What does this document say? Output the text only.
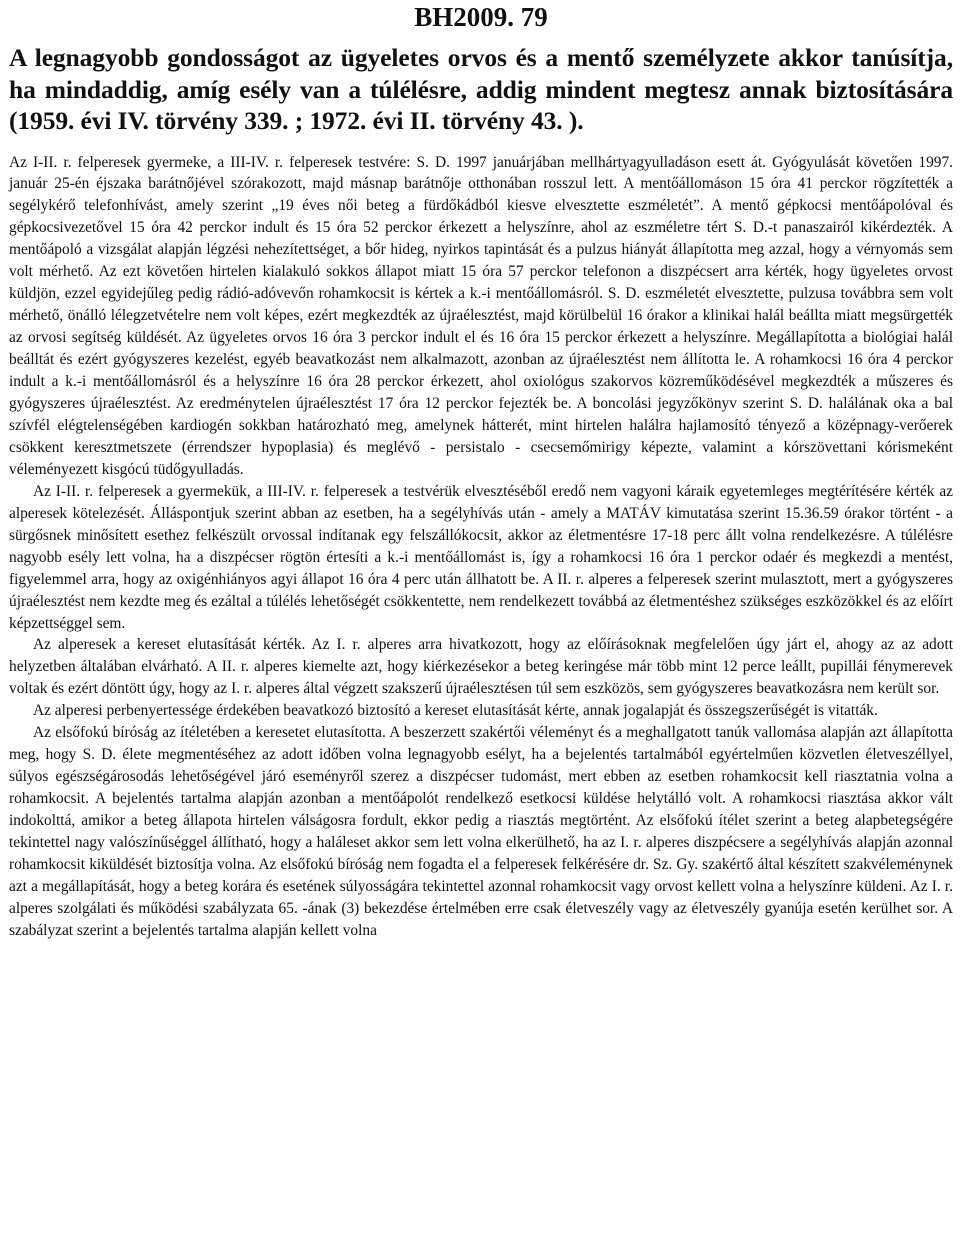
BH2009. 79
A legnagyobb gondosságot az ügyeletes orvos és a mentő személyzete akkor tanúsítja, ha mindaddig, amíg esély van a túlélésre, addig mindent megtesz annak biztosítására (1959. évi IV. törvény 339. ; 1972. évi II. törvény 43. ).

Az I-II. r. felperesek gyermeke, a III-IV. r. felperesek testvére: S. D. 1997 januárjában mellhártyagyulladáson esett át. Gyógyulását követően 1997. január 25-én éjszaka barátnőjével szórakozott, majd másnap barátnője otthonában rosszul lett. A mentőállomáson 15 óra 41 perckor rögzítették a segélykérő telefonhívást, amely szerint „19 éves női beteg a fürdőkádból kiesve elvesztette eszméletét”. A mentő gépkocsi mentőápolóval és gépkocsivezetővel 15 óra 42 perckor indult és 15 óra 52 perckor érkezett a helyszínre, ahol az eszméletre tért S. D.-t panaszairól kikérdezték. A mentőápoló a vizsgálat alapján légzési nehezítettséget, a bőr hideg, nyirkos tapintását és a pulzus hiányát állapította meg azzal, hogy a vérnyomás sem volt mérhető. Az ezt követően hirtelen kialakuló sokkos állapot miatt 15 óra 57 perckor telefonon a diszpécsert arra kérték, hogy ügyeletes orvost küldjön, ezzel egyidejűleg pedig rádió-adóvevőn rohamkocsit is kértek a k.-i mentőállomásról. S. D. eszméletét elvesztette, pulzusa továbbra sem volt mérhető, önálló lélegzetvételre nem volt képes, ezért megkezdték az újraélesztést, majd körülbelül 16 órakor a klinikai halál beállta miatt megsürgették az orvosi segítség küldését. Az ügyeletes orvos 16 óra 3 perckor indult el és 16 óra 15 perckor érkezett a helyszínre. Megállapította a biológiai halál beálltát és ezért gyógyszeres kezelést, egyéb beavatkozást nem alkalmazott, azonban az újraélesztést nem állította le. A rohamkocsi 16 óra 4 perckor indult a k.-i mentőállomásról és a helyszínre 16 óra 28 perckor érkezett, ahol oxiológus szakorvos közreműködésével megkezdték a műszeres és gyógyszeres újraélesztést. Az eredménytelen újraélesztést 17 óra 12 perckor fejezték be. A boncolási jegyzőkönyv szerint S. D. halálának oka a bal szívfél elégtelenségében kardiogén sokkban határozható meg, amelynek hátterét, mint hirtelen halálra hajlamosító tényező a középnagy-verőerek csökkent keresztmetszete (érrendszer hypoplasia) és meglévő - persistalo - csecsemőmirigy képezte, valamint a kórszövettani kórismeként véleményezett kisgócú tüdőgyulladás.

Az I-II. r. felperesek a gyermekük, a III-IV. r. felperesek a testvérük elvesztéséből eredő nem vagyoni káraik egyetemleges megtérítésére kérték az alperesek kötelezését. Álláspontjuk szerint abban az esetben, ha a segélyhívás után - amely a MATÁV kimutatása szerint 15.36.59 órakor történt - a sürgősnek minősített esethez felkészült orvossal indítanak egy felszállókocsit, akkor az életmentésre 17-18 perc állt volna rendelkezésre. A túlélésre nagyobb esély lett volna, ha a diszpécser rögtön értesíti a k.-i mentőállomást is, így a rohamkocsi 16 óra 1 perckor odaér és megkezdi a mentést, figyelemmel arra, hogy az oxigénhiányos agyi állapot 16 óra 4 perc után állhatott be. A II. r. alperes a felperesek szerint mulasztott, mert a gyógyszeres újraélesztést nem kezdte meg és ezáltal a túlélés lehetőségét csökkentette, nem rendelkezett továbbá az életmentéshez szükséges eszközökkel és az előírt képzettséggel sem.

Az alperesek a kereset elutasítását kérték. Az I. r. alperes arra hivatkozott, hogy az előírásoknak megfelelően úgy járt el, ahogy az az adott helyzetben általában elvárható. A II. r. alperes kiemelte azt, hogy kiérkezésekor a beteg keringése már több mint 12 perce leállt, pupillái fénymerevek voltak és ezért döntött úgy, hogy az I. r. alperes által végzett szakszerű újraélesztésen túl sem eszközös, sem gyógyszeres beavatkozásra nem került sor.

Az alperesi perbenyertessége érdekében beavatkozó biztosító a kereset elutasítását kérte, annak jogalapját és összegszerűségét is vitatták.

Az elsőfokú bíróság az ítéletében a keresetet elutasította. A beszerzett szakértői véleményt és a meghallgatott tanúk vallomása alapján azt állapította meg, hogy S. D. élete megmentéséhez az adott időben volna legnagyobb esélyt, ha a bejelentés tartalmából egyértelműen közvetlen életveszéllyel, súlyos egészségárosodás lehetőségével járó eseményről szerez a diszpécser tudomást, mert ebben az esetben rohamkocsit kell riasztatnia volna a rohamkocsit. A bejelentés tartalma alapján azonban a mentőápolót rendelkező esetkocsi küldése helytálló volt. A rohamkocsi riasztása akkor vált indokolttá, amikor a beteg állapota hirtelen válságosra fordult, ekkor pedig a riasztás megtörtént. Az elsőfokú ítélet szerint a beteg alapbetegségére tekintettel nagy valószínűséggel állítható, hogy a haláleset akkor sem lett volna elkerülhető, ha az I. r. alperes diszpécsere a segélyhívás alapján azonnal rohamkocsit kiküldését biztosítja volna. Az elsőfokú bíróság nem fogadta el a felperesek felkérésére dr. Sz. Gy. szakértő által készített szakvéleménynek azt a megállapítását, hogy a beteg korára és esetének súlyosságára tekintettel azonnal rohamkocsit vagy orvost kellett volna a helyszínre küldeni. Az I. r. alperes szolgálati és működési szabályzata 65. -ának (3) bekezdése értelmében erre csak életveszély vagy az életveszély gyanúja esetén kerülhet sor. A szabályzat szerint a bejelentés tartalma alapján kellett volna
